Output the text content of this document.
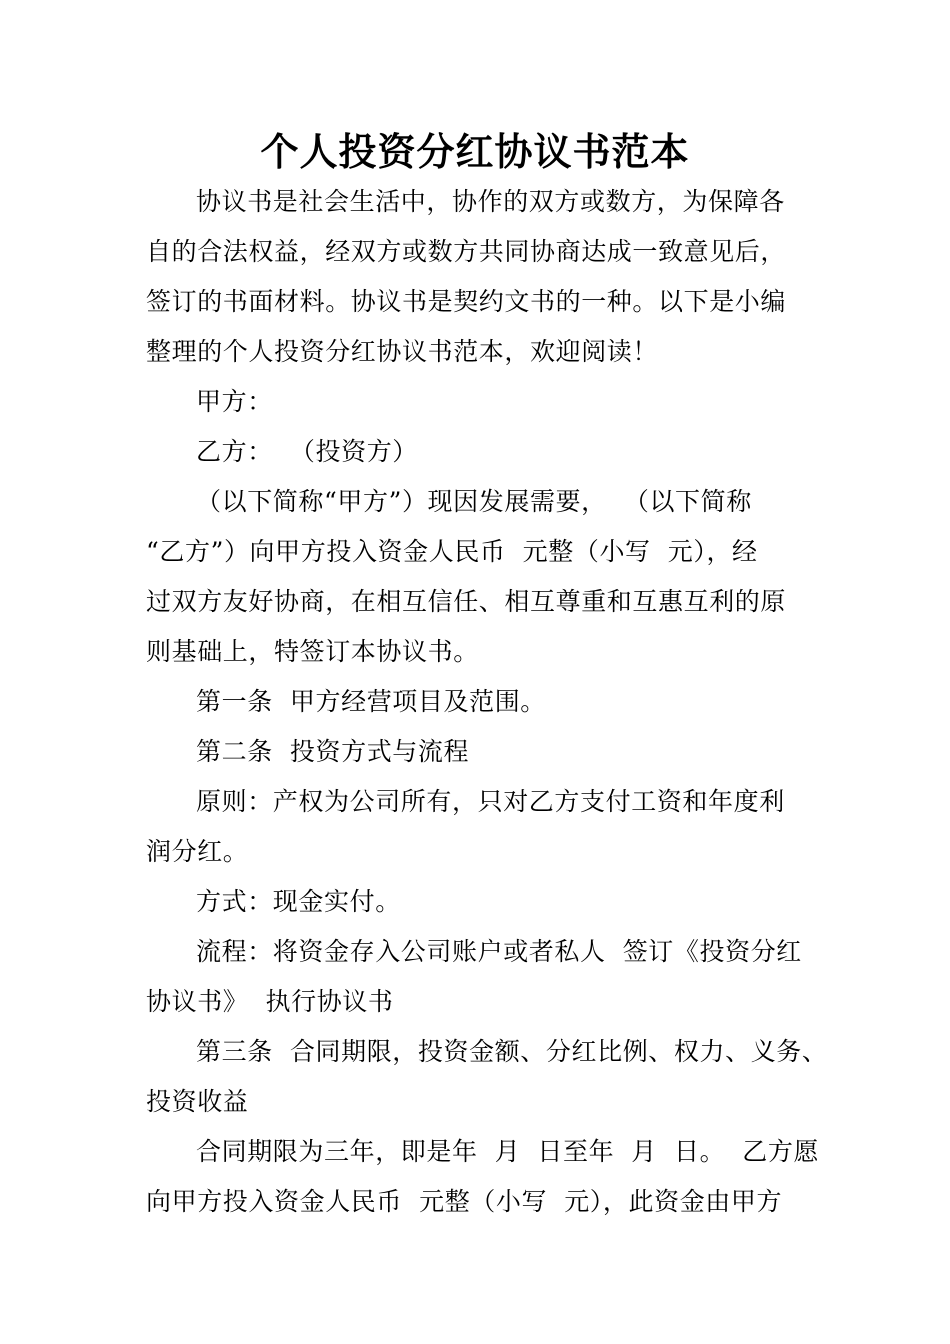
个人投资分红协议书范本
协议书是社会生活中，协作的双方或数方，为保障各
自的合法权益，经双方或数方共同协商达成一致意见后，
签订的书面材料。协议书是契约文书的一种。以下是小编
整理的个人投资分红协议书范本，欢迎阅读！
甲方：
乙方：  （投资方）
（以下简称“甲方”）现因发展需要，  （以下简称
“乙方”）向甲方投入资金人民币  元整（小写  元），经
过双方友好协商，在相互信任、相互尊重和互惠互利的原
则基础上，特签订本协议书。
第一条  甲方经营项目及范围。
第二条  投资方式与流程
原则：产权为公司所有，只对乙方支付工资和年度利
润分红。
方式：现金实付。
流程：将资金存入公司账户或者私人  签订《投资分红
协议书》  执行协议书
第三条  合同期限，投资金额、分红比例、权力、义务、
投资收益
合同期限为三年，即是年  月  日至年  月  日。  乙方愿
向甲方投入资金人民币  元整（小写  元），此资金由甲方
